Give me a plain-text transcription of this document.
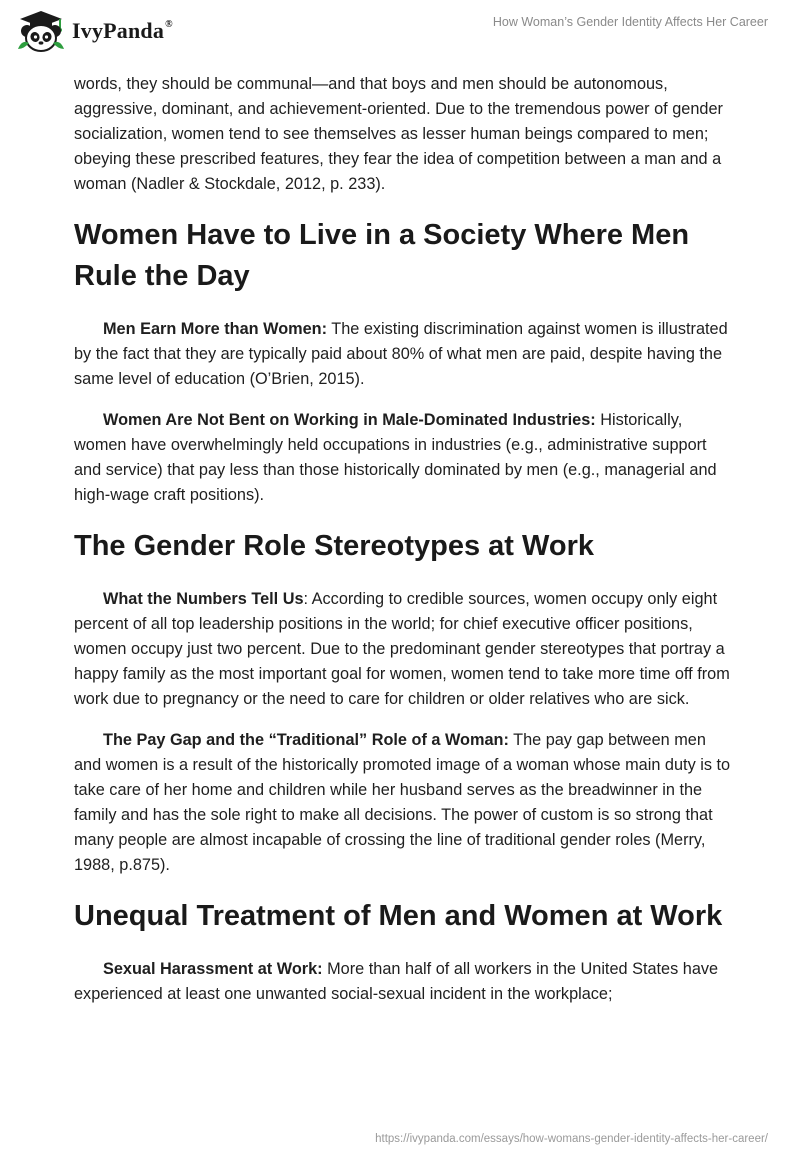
IvyPanda®	How Woman’s Gender Identity Affects Her Career

words, they should be communal—and that boys and men should be autonomous, aggressive, dominant, and achievement-oriented. Due to the tremendous power of gender socialization, women tend to see themselves as lesser human beings compared to men; obeying these prescribed features, they fear the idea of competition between a man and a woman (Nadler & Stockdale, 2012, p. 233).

Women Have to Live in a Society Where Men Rule the Day

Men Earn More than Women: The existing discrimination against women is illustrated by the fact that they are typically paid about 80% of what men are paid, despite having the same level of education (O’Brien, 2015).

Women Are Not Bent on Working in Male-Dominated Industries: Historically, women have overwhelmingly held occupations in industries (e.g., administrative support and service) that pay less than those historically dominated by men (e.g., managerial and high-wage craft positions).

The Gender Role Stereotypes at Work

What the Numbers Tell Us: According to credible sources, women occupy only eight percent of all top leadership positions in the world; for chief executive officer positions, women occupy just two percent. Due to the predominant gender stereotypes that portray a happy family as the most important goal for women, women tend to take more time off from work due to pregnancy or the need to care for children or older relatives who are sick.

The Pay Gap and the “Traditional” Role of a Woman: The pay gap between men and women is a result of the historically promoted image of a woman whose main duty is to take care of her home and children while her husband serves as the breadwinner in the family and has the sole right to make all decisions. The power of custom is so strong that many people are almost incapable of crossing the line of traditional gender roles (Merry, 1988, p.875).

Unequal Treatment of Men and Women at Work

Sexual Harassment at Work: More than half of all workers in the United States have experienced at least one unwanted social-sexual incident in the workplace;

https://ivypanda.com/essays/how-womans-gender-identity-affects-her-career/
